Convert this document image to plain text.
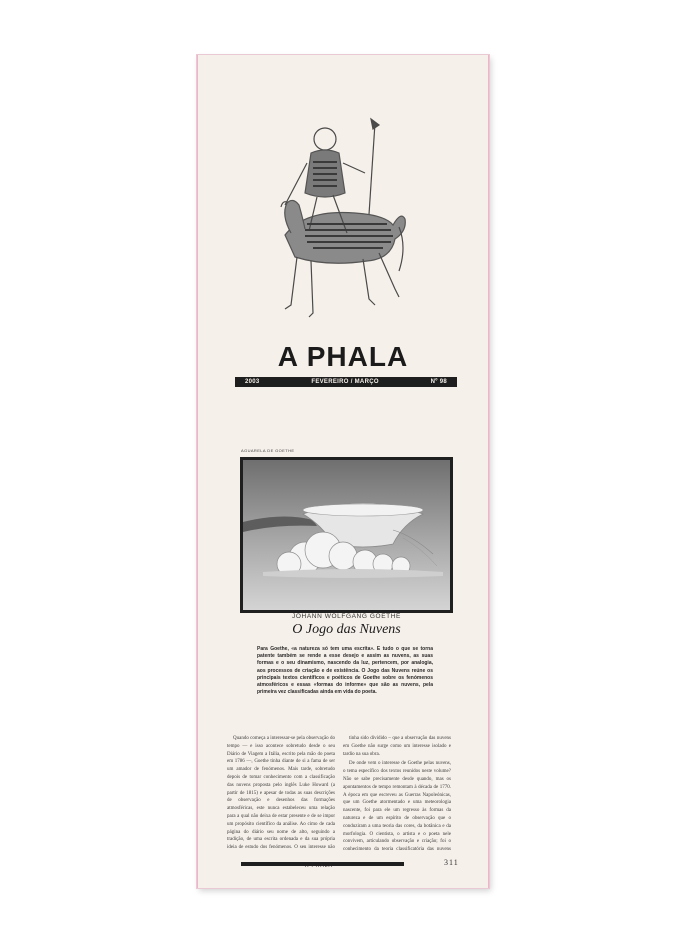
A PHALA
2003	FEVEREIRO / MARÇO	Nº 98
AGUARELA DE GOETHE
JOHANN WOLFGANG GOETHE
O Jogo das Nuvens
Para Goethe, «a natureza só tem uma escrita». E tudo o que se torna patente também se rende a esse desejo e assim as nuvens, as suas formas e o seu dinamismo, nascendo da luz, pertencem, por analogia, aos processos de criação e de existência. O Jogo das Nuvens reúne os principais textos científicos e poéticos de Goethe sobre os fenómenos atmosféricos e essas «formas do informe» que são as nuvens, pela primeira vez classificadas ainda em vida do poeta.

Quando começa a interessar-se pela observação do tempo — e isso acontece sobretudo desde o seu Diário de Viagem a Itália, escrito pela mão do poeta em 1786 —, Goethe tinha diante de si a fama de ser um amador de fenómenos. Mais tarde, sobretudo depois de tomar conhecimento com a classificação das nuvens proposta pelo inglês Luke Howard (a partir de 1815) e apesar de todas as suas descrições de observação e desenhos das formações atmosféricas, este nunca estabeleceu uma relação para a qual não deixa de estar presente e de se impor um propósito científico da análise. Ao cimo de cada página do diário seu nome de alto, seguindo a tradição, de uma escrita ordenada e da sua própria ideia de estudo dos fenómenos. O seu interesse não

tinha sido dividido – que a observação das nuvens em Goethe não surge como um interesse isolado e tardio na sua obra.

De onde vem o interesse de Goethe pelas nuvens, o tema específico dos textos reunidos neste volume? Não se sabe precisamente desde quando, mas os apontamentos de tempo remontam à década de 1770. A época em que escreveu as Guerras Napoleónicas, que um Goethe atormentado e uma meteorologia nascente, foi para ele um regresso às formas da natureza e de um espírito de observação que o conduziram a uma teoria das cores, da botânica e da morfologia. O cientista, o artista e o poeta nele convivem, articulando observação e criação; foi o conhecimento da teoria classificatória das nuvens

A PHALA	311
